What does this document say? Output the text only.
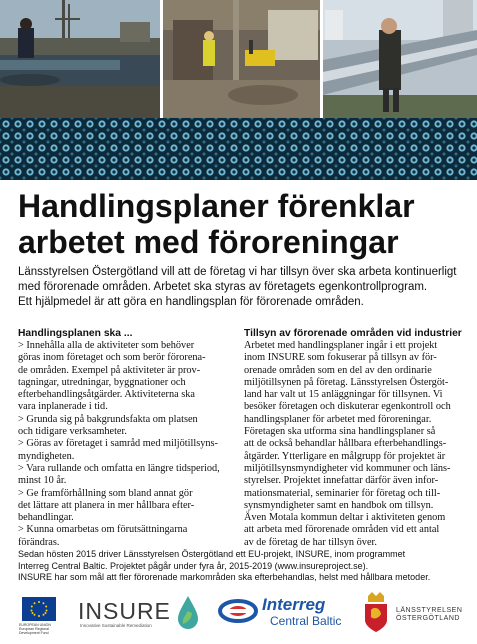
Handlingsplaner förenklar
arbetet med föroreningar
Länsstyrelsen Östergötland vill att de företag vi har tillsyn över ska arbeta kontinuerligt
med förorenade områden. Arbetet ska styras av företagets egenkontrollprogram.
Ett hjälpmedel är att göra en handlingsplan för förorenade områden.
Handlingsplanen ska ...
> Innehålla alla de aktiviteter som behöver
göras inom företaget och som berör förorena-
de områden. Exempel på aktiviteter är prov-
tagningar, utredningar, byggnationer och
efterbehandlingsåtgärder. Aktiviteterna ska
vara inplanerade i tid.
> Grunda sig på bakgrundsfakta om platsen
och tidigare verksamheter.
> Göras av företaget i samråd med miljötillsyns-
myndigheten.
> Vara rullande och omfatta en längre tidsperiod,
minst 10 år.
> Ge framförhållning som bland annat gör
det lättare att planera in mer hållbara efter-
behandlingar.
> Kunna omarbetas om förutsättningarna
förändras.
Tillsyn av förorenade områden vid industrier
Arbetet med handlingsplaner ingår i ett projekt
inom INSURE som fokuserar på tillsyn av för-
orenade områden som en del av den ordinarie
miljötillsynen på företag. Länsstyrelsen Östergöt-
land har valt ut 15 anläggningar för tillsynen. Vi
besöker företagen och diskuterar egenkontroll och
handlingsplaner för arbetet med föroreningar.
Företagen ska utforma sina handlingsplaner så
att de också behandlar hållbara efterbehandlings-
åtgärder. Ytterligare en målgrupp för projektet är
miljötillsynsmyndigheter vid kommuner och läns-
styrelser. Projektet innefattar därför även infor-
mationsmaterial, seminarier för företag och till-
synsmyndigheter samt en handbok om tillsyn.
Även Motala kommun deltar i aktiviteten genom
att arbeta med förorenade områden vid ett antal
av de företag de har tillsyn över.
Sedan hösten 2015 driver Länsstyrelsen Östergötland ett EU-projekt, INSURE, inom programmet
Interreg Central Baltic. Projektet pågår under fyra år, 2015-2019 (www.insureproject.se).
INSURE har som mål att fler förorenade markområden ska efterbehandlas, helst med hållbara metoder.
EUROPEAN UNION European Regional Development Fund
INSURE
Innovative Sustainable Remediation
Interreg
Central Baltic
LÄNSSTYRELSEN
ÖSTERGÖTLAND
